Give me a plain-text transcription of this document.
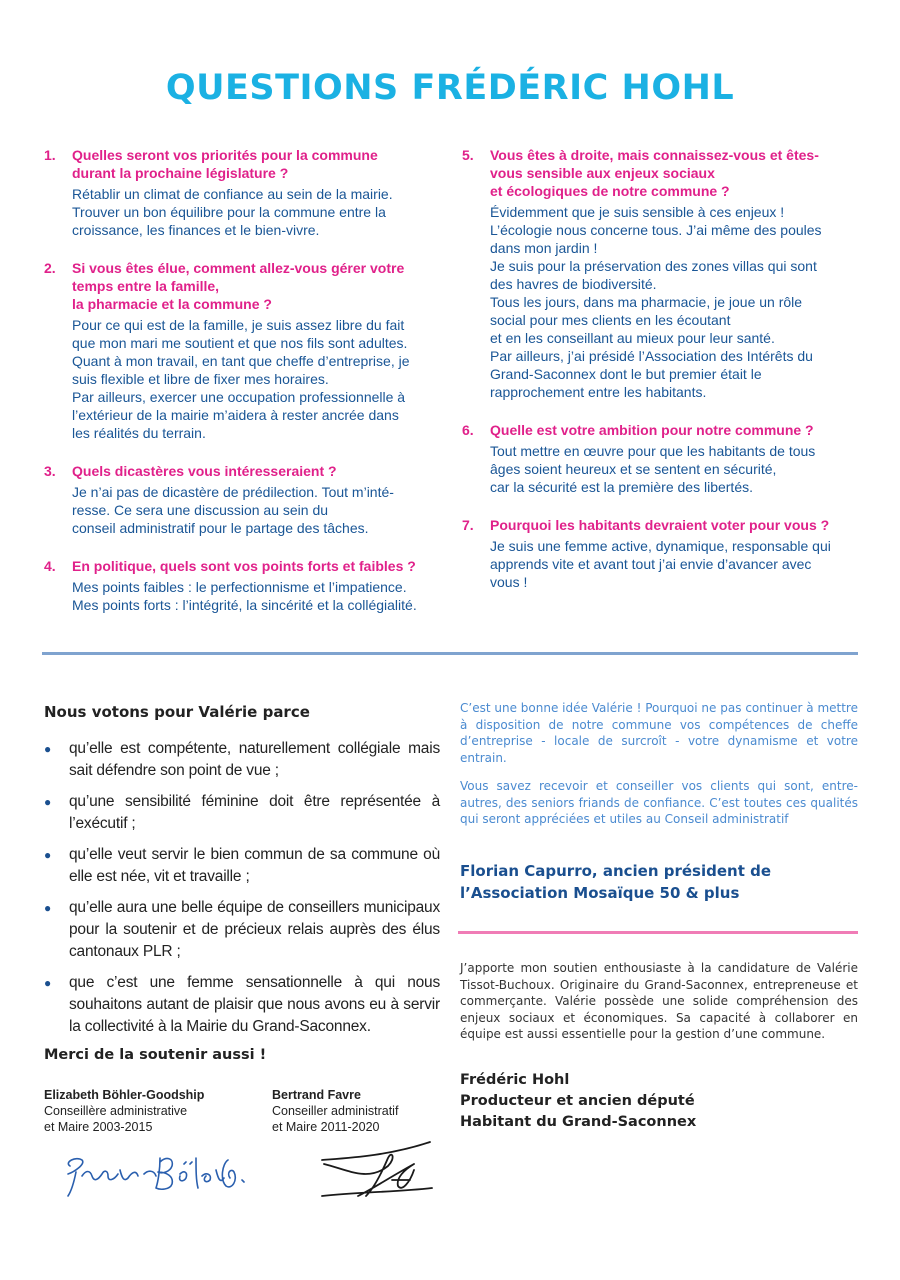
QUESTIONS FRÉDÉRIC HOHL
1. Quelles seront vos priorités pour la commune
durant la prochaine législature ?

Rétablir un climat de confiance au sein de la mairie.
Trouver un bon équilibre pour la commune entre la
croissance, les finances et le bien-vivre.

2. Si vous êtes élue, comment allez-vous gérer votre
temps entre la famille,
la pharmacie et la commune ?

Pour ce qui est de la famille, je suis assez libre du fait
que mon mari me soutient et que nos fils sont adultes.
Quant à mon travail, en tant que cheffe d’entreprise, je
suis flexible et libre de fixer mes horaires.
Par ailleurs, exercer une occupation professionnelle à
l’extérieur de la mairie m’aidera à rester ancrée dans
les réalités du terrain.

3. Quels dicastères vous intéresseraient ?

Je n’ai pas de dicastère de prédilection. Tout m’inté-
resse. Ce sera une discussion au sein du
conseil administratif pour le partage des tâches.

4. En politique, quels sont vos points forts et faibles ?

Mes points faibles : le perfectionnisme et l’impatience.
Mes points forts : l’intégrité, la sincérité et la collégialité.

5. Vous êtes à droite, mais connaissez-vous et êtes-
vous sensible aux enjeux sociaux
et écologiques de notre commune ?

Évidemment que je suis sensible à ces enjeux !
L’écologie nous concerne tous. J’ai même des poules
dans mon jardin !
Je suis pour la préservation des zones villas qui sont
des havres de biodiversité.
Tous les jours, dans ma pharmacie, je joue un rôle
social pour mes clients en les écoutant
et en les conseillant au mieux pour leur santé.
Par ailleurs, j’ai présidé l’Association des Intérêts du
Grand-Saconnex dont le but premier était le
rapprochement entre les habitants.

6. Quelle est votre ambition pour notre commune ?

Tout mettre en œuvre pour que les habitants de tous
âges soient heureux et se sentent en sécurité,
car la sécurité est la première des libertés.

7. Pourquoi les habitants devraient voter pour vous ?

Je suis une femme active, dynamique, responsable qui
apprends vite et avant tout j’ai envie d’avancer avec
vous !

Nous votons pour Valérie parce
● qu’elle est compétente, naturellement collégiale mais sait défendre son point de vue ;
● qu’une sensibilité féminine doit être représentée à l’exécutif ;
● qu’elle veut servir le bien commun de sa commune où elle est née, vit et travaille ;
● qu’elle aura une belle équipe de conseillers municipaux pour la soutenir et de précieux relais auprès des élus cantonaux PLR ;
● que c’est une femme sensationnelle à qui nous souhaitons autant de plaisir que nous avons eu à servir la collectivité à la Mairie du Grand-Saconnex.

Merci de la soutenir aussi !

Elizabeth Böhler-Goodship
Conseillère administrative
et Maire 2003-2015
Bertrand Favre
Conseiller administratif
et Maire 2011-2020

C’est une bonne idée Valérie ! Pourquoi ne pas continuer à mettre à disposition de notre commune vos compétences de cheffe d’entreprise - locale de surcroît - votre dynamisme et votre entrain.

Vous savez recevoir et conseiller vos clients qui sont, entre-autres, des seniors friands de confiance. C’est toutes ces qualités qui seront appréciées et utiles au Conseil administratif

Florian Capurro, ancien président de
l’Association Mosaïque 50 & plus

J’apporte mon soutien enthousiaste à la candidature de Valérie Tissot-Buchoux. Originaire du Grand-Saconnex, entrepreneuse et commerçante. Valérie possède une solide compréhension des enjeux sociaux et économiques. Sa capacité à collaborer en équipe est aussi essentielle pour la gestion d’une commune.

Frédéric Hohl
Producteur et ancien député
Habitant du Grand-Saconnex
